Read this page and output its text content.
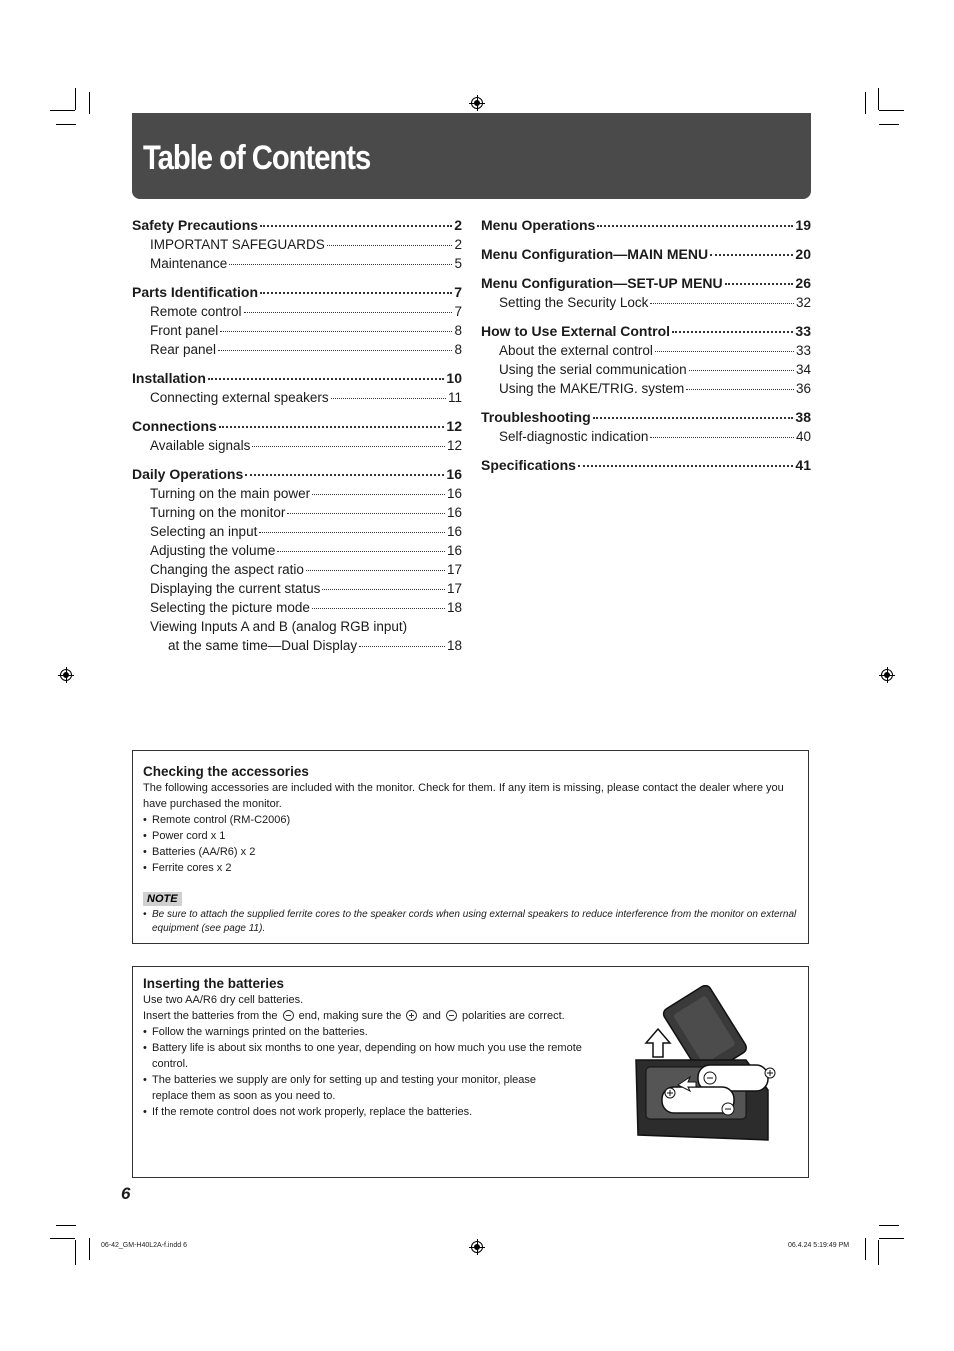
Table of Contents
Safety Precautions	2
IMPORTANT SAFEGUARDS	2
Maintenance	5
Parts Identification	7
Remote control	7
Front panel	8
Rear panel	8
Installation	10
Connecting external speakers	11
Connections	12
Available signals	12
Daily Operations	16
Turning on the main power	16
Turning on the monitor	16
Selecting an input	16
Adjusting the volume	16
Changing the aspect ratio	17
Displaying the current status	17
Selecting the picture mode	18
Viewing Inputs A and B (analog RGB input)
at the same time—Dual Display	18
Menu Operations	19
Menu Configuration—MAIN MENU	20
Menu Configuration—SET-UP MENU	26
Setting the Security Lock	32
How to Use External Control	33
About the external control	33
Using the serial communication	34
Using the MAKE/TRIG. system	36
Troubleshooting	38
Self-diagnostic indication	40
Specifications	41

Checking the accessories

The following accessories are included with the monitor. Check for them. If any item is missing, please contact the dealer where you have purchased the monitor.

• Remote control (RM-C2006)
• Power cord x 1
• Batteries (AA/R6) x 2
• Ferrite cores x 2
NOTE
• Be sure to attach the supplied ferrite cores to the speaker cords when using external speakers to reduce interference from the monitor on external equipment (see page 11).

Inserting the batteries

Use two AA/R6 dry cell batteries.

Insert the batteries from the end, making sure the and polarities are correct.

• Follow the warnings printed on the batteries.
• Battery life is about six months to one year, depending on how much you use the remote control.
• The batteries we supply are only for setting up and testing your monitor, please replace them as soon as you need to.
• If the remote control does not work properly, replace the batteries.

6

06-42_GM-H40L2A-f.indd 6	06.4.24 5:19:49 PM
